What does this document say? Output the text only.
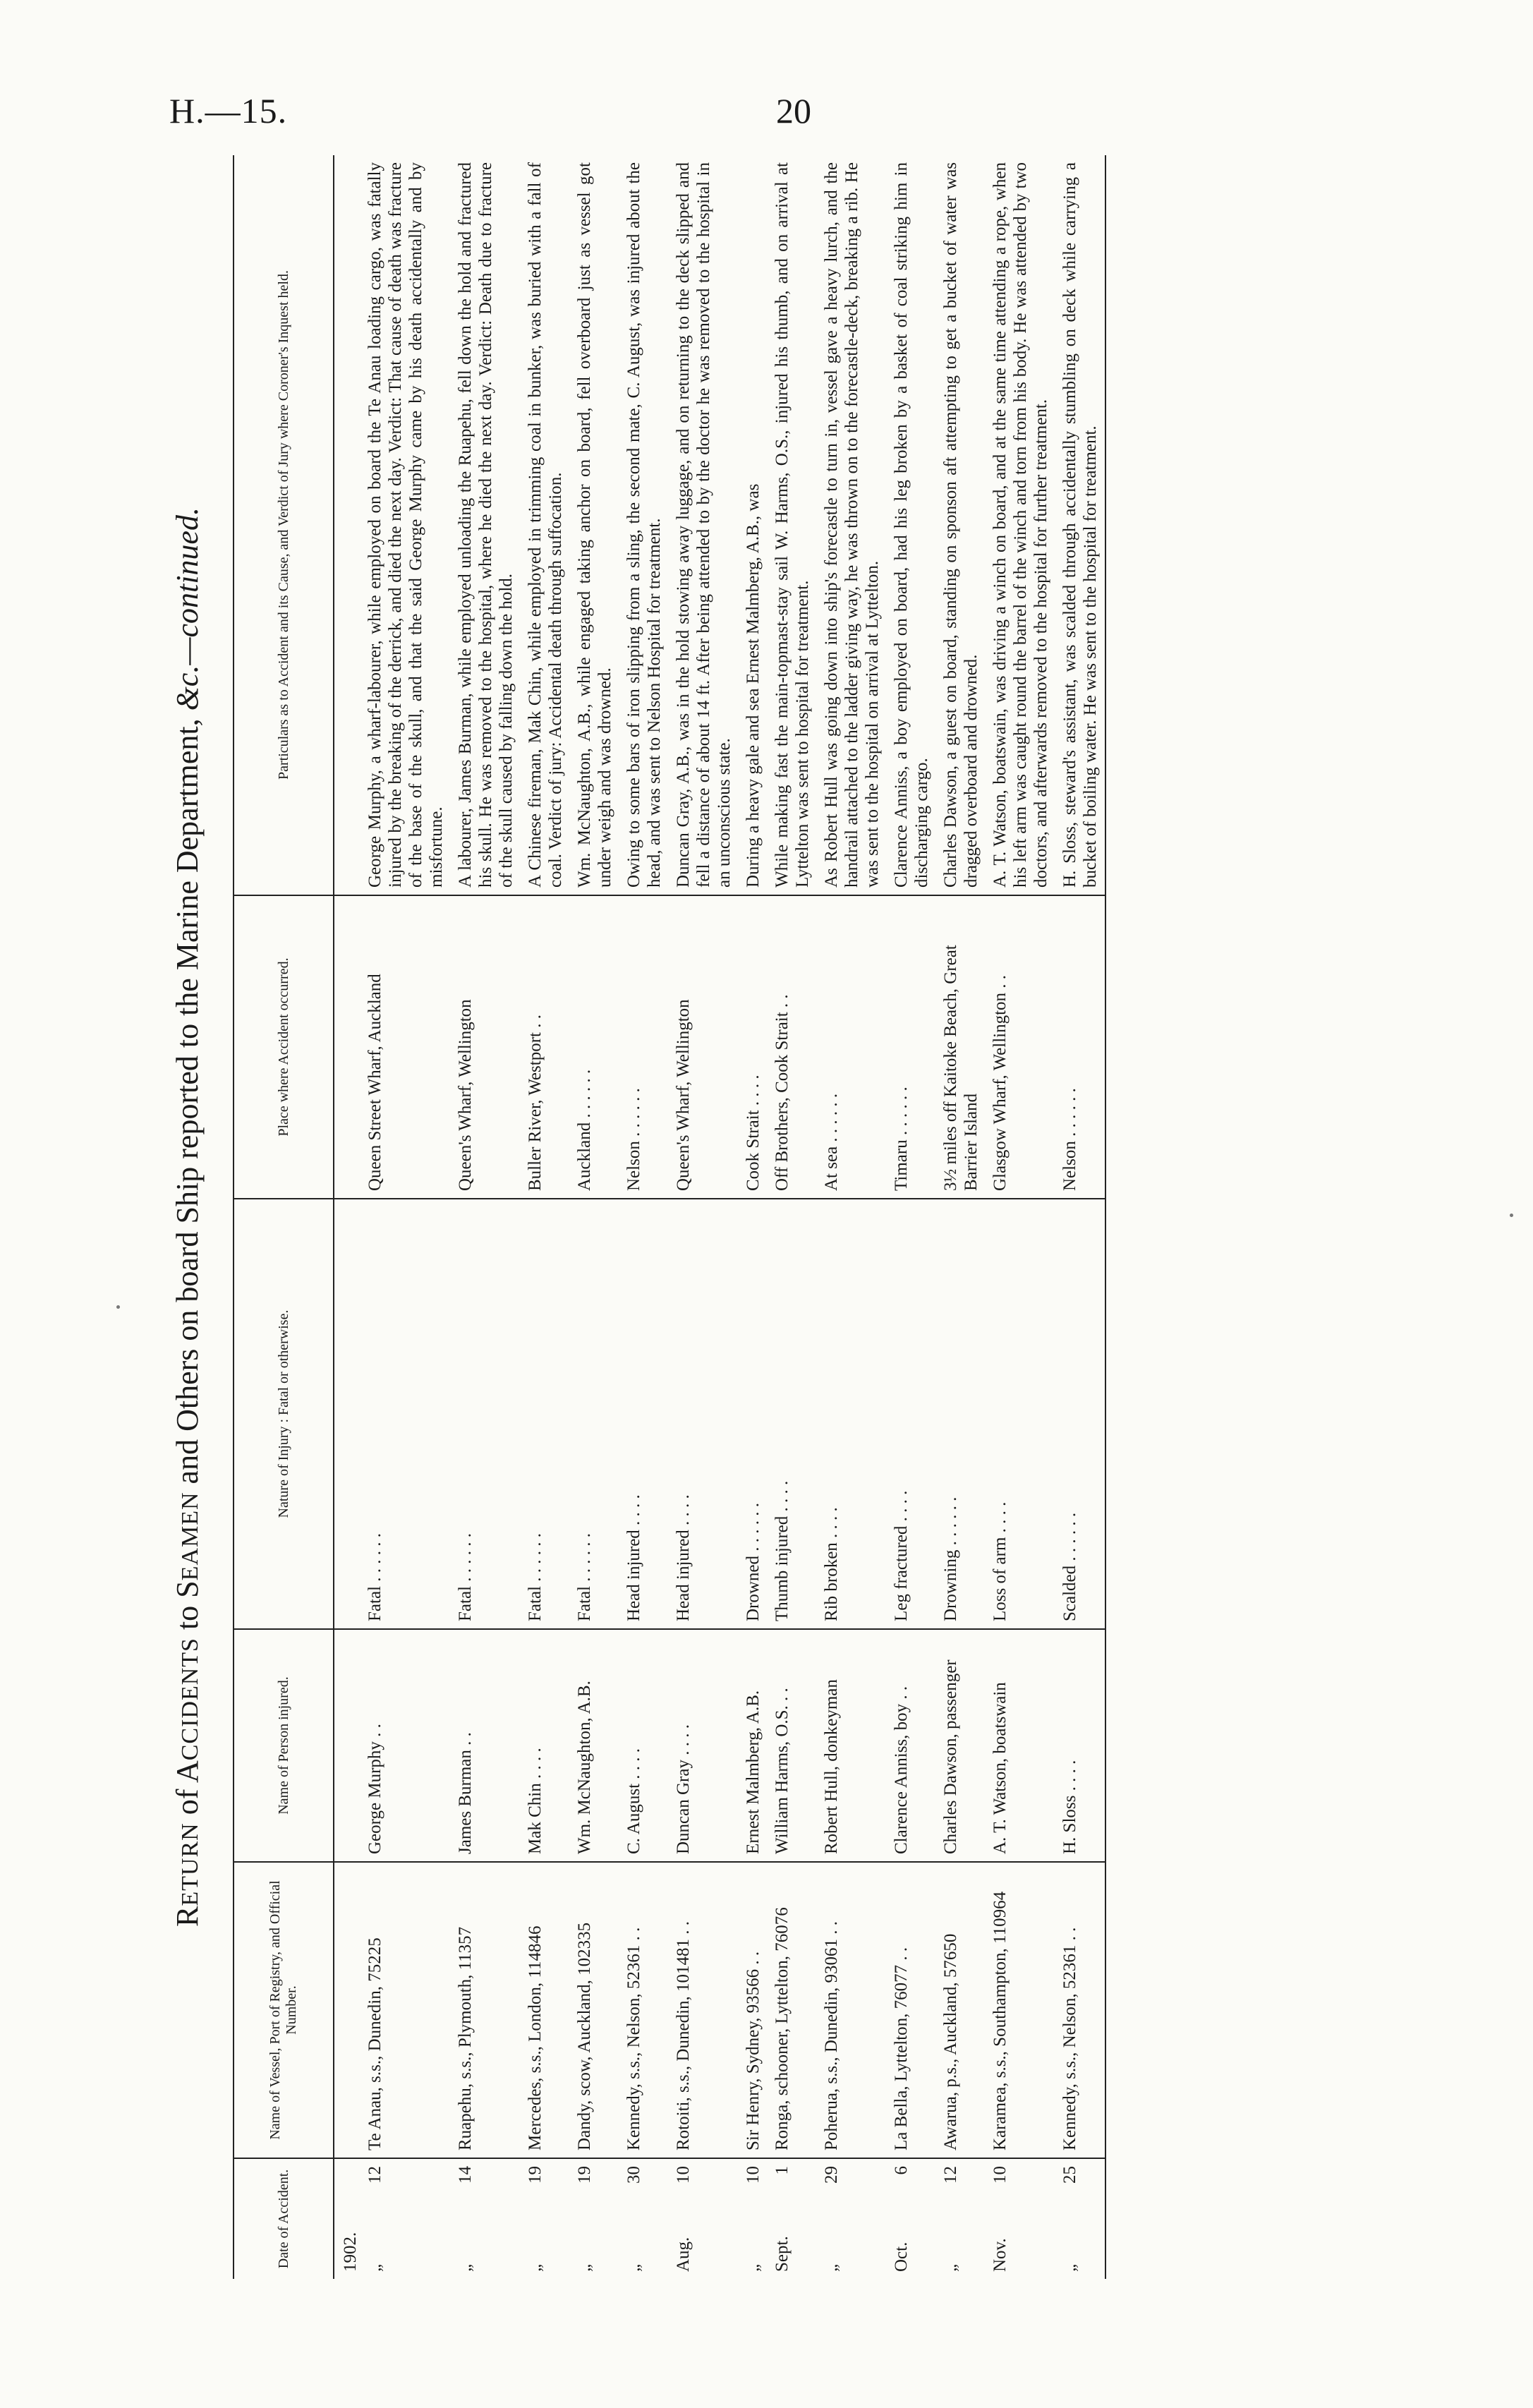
H.—15.	20
RETURN of ACCIDENTS to SEAMEN and Others on board Ship reported to the Marine Department, &c.—continued.
Date of Accident.
Name of Vessel, Port of Registry, and Official Number.
Name of Person injured.
Nature of Injury : Fatal or otherwise.
Place where Accident occurred.
Particulars as to Accident and its Cause, and Verdict of Jury where Coroner's Inquest held.
1902. „
12
Te Anau, s.s., Dunedin, 75225
George Murphy . .
Fatal . . . . . .
Queen Street Wharf, Auckland
George Murphy, a wharf-labourer, while employed on board the Te Anau loading cargo, was fatally injured by the breaking of the derrick, and died the next day. Verdict: That cause of death was fracture of the base of the skull, and that the said George Murphy came by his death accidentally and by misfortune.
„
14
Ruapehu, s.s., Plymouth, 11357
James Burman . .
Fatal . . . . . .
Queen's Wharf, Wellington
A labourer, James Burman, while employed unloading the Ruapehu, fell down the hold and fractured his skull. He was removed to the hospital, where he died the next day. Verdict: Death due to fracture of the skull caused by falling down the hold.
„
19
Mercedes, s.s., London, 114846
Mak Chin . . . .
Fatal . . . . . .
Buller River, Westport . .
A Chinese fireman, Mak Chin, while employed in trimming coal in bunker, was buried with a fall of coal. Verdict of jury: Accidental death through suffocation.
„
19
Dandy, scow, Auckland, 102335
Wm. McNaughton, A.B.
Fatal . . . . . .
Auckland . . . . . .
Wm. McNaughton, A.B., while engaged taking anchor on board, fell overboard just as vessel got under weigh and was drowned.
„
30
Kennedy, s.s., Nelson, 52361 . .
C. August . . . .
Head injured . . . .
Nelson . . . . . .
Owing to some bars of iron slipping from a sling, the second mate, C. August, was injured about the head, and was sent to Nelson Hospital for treatment.
Aug.
10
Rotoiti, s.s., Dunedin, 101481 . .
Duncan Gray . . . .
Head injured . . . .
Queen's Wharf, Wellington
Duncan Gray, A.B., was in the hold stowing away luggage, and on returning to the deck slipped and fell a distance of about 14 ft. After being attended to by the doctor he was removed to the hospital in an unconscious state.
„
10
Sir Henry, Sydney, 93566 . .
Ernest Malmberg, A.B.
Drowned . . . . . .
Cook Strait . . . .
During a heavy gale and sea Ernest Malmberg, A.B., was
Sept.
1
Ronga, schooner, Lyttelton, 76076
William Harms, O.S. . .
Thumb injured . . . .
Off Brothers, Cook Strait . .
While making fast the main-topmast-stay sail W. Harms, O.S., injured his thumb, and on arrival at Lyttelton was sent to hospital for treatment.
„
29
Poherua, s.s., Dunedin, 93061 . .
Robert Hull, donkeyman
Rib broken . . . .
At sea . . . . . .
As Robert Hull was going down into ship's forecastle to turn in, vessel gave a heavy lurch, and the handrail attached to the ladder giving way, he was thrown on to the forecastle-deck, breaking a rib. He was sent to the hospital on arrival at Lyttelton.
Oct.
6
La Bella, Lyttelton, 76077 . .
Clarence Anniss, boy . .
Leg fractured . . . .
Timaru . . . . . .
Clarence Anniss, a boy employed on board, had his leg broken by a basket of coal striking him in discharging cargo.
„
12
Awarua, p.s., Auckland, 57650
Charles Dawson, passenger
Drowning . . . . . .
3½ miles off Kaitoke Beach, Great Barrier Island
Charles Dawson, a guest on board, standing on sponson aft attempting to get a bucket of water was dragged overboard and drowned.
Nov.
10
Karamea, s.s., Southampton, 110964
A. T. Watson, boatswain
Loss of arm . . . .
Glasgow Wharf, Wellington . .
A. T. Watson, boatswain, was driving a winch on board, and at the same time attending a rope, when his left arm was caught round the barrel of the winch and torn from his body. He was attended by two doctors, and afterwards removed to the hospital for further treatment.
„
25
Kennedy, s.s., Nelson, 52361 . .
H. Sloss . . . .
Scalded . . . . . .
Nelson . . . . . .
H. Sloss, steward's assistant, was scalded through accidentally stumbling on deck while carrying a bucket of boiling water. He was sent to the hospital for treatment.
